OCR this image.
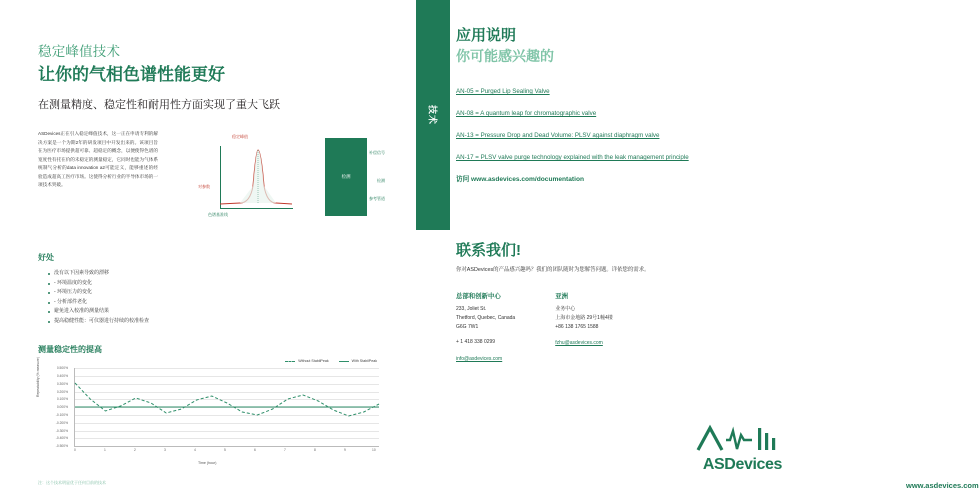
稳定峰值技术
让你的气相色谱性能更好
在测量精度、稳定性和耐用性方面实现了重大飞跃

ASDevices正在引入稳定峰值技术，这一正在申请专利的解决方案是一个为期2年的研发项目中开发出来的。该项目旨在为医疗市场提供超可靠、超稳定的概念，以便使得色谱的宽度性有托在价的未稳定的测量稳定，它同时也能为气体系统制气分析的data innovation a2可能定义，能够重述的经验造成超高工医疗市场。这使得分析行业的半导体市场的一项技术突破。

稳定峰值
对参数
色谱基准线
检测
补偿信号
检测
参考管道
好处
没有以下因素导致的漂移
- 环境温度的变化
- 环境压力的变化
- 分析部件老化
避免进入校准的测量结果
提高稳健性能：可仪器进行持续的校准检查
测量稳定性的提高
Without StabilPeak	With StabilPeak
Repeatability (% measure)
0	1	2	3	4	5	6	7	8	9	10
0.500%
0.400%
0.300%
0.200%
0.100%
0.000%
-0.100%
-0.200%
-0.300%
-0.400%
-0.500%
Time (hour)
注：这个技术明显优于任何目前的技术
技术
应用说明
你可能感兴趣的
AN-05 = Purged Lip Sealing Valve
AN-08 = A quantum leap for chromatographic valve
AN-13 = Pressure Drop and Dead Volume: PLSV against diaphragm valve
AN-17 = PLSV valve purge technology explained with the leak management principle
访问 www.asdevices.com/documentation
联系我们!
你对ASDevices的产品感兴趣吗？我们的团队随时为您解答问题。详依您的需求。
总部和创新中心

233, Joliet St.

Thetford, Quebec, Canada

G6G 7W1

+ 1 418 338 0299

info@asdevices.com
亚洲

业务中心

上海市金地路 29号1幢4楼

+86 138 1765 1588

fzhu@asdevices.com
ASDevices
www.asdevices.com
